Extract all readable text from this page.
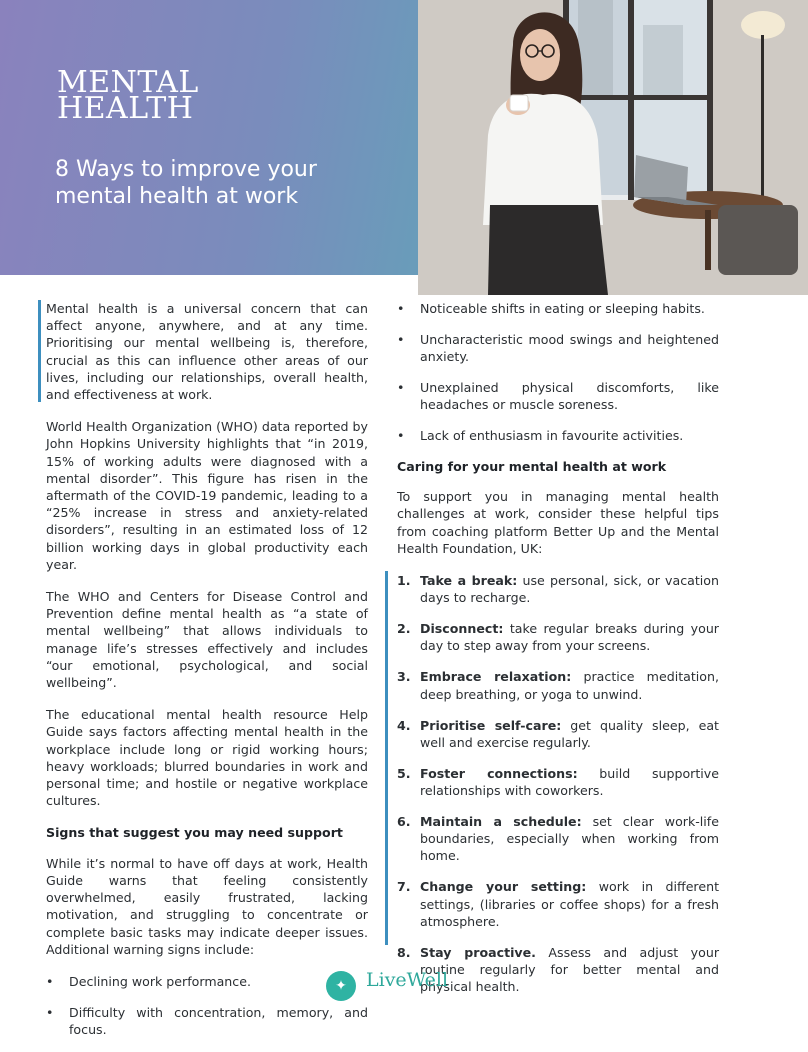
MENTAL
HEALTH
8 Ways to improve your mental health at work

Mental health is a universal concern that can affect anyone, anywhere, and at any time. Prioritising our mental wellbeing is, therefore, crucial as this can influence other areas of our lives, including our relationships, overall health, and effectiveness at work.

World Health Organization (WHO) data reported by John Hopkins University highlights that “in 2019, 15% of working adults were diagnosed with a mental disorder”. This figure has risen in the aftermath of the COVID-19 pandemic, leading to a “25% increase in stress and anxiety-related disorders”, resulting in an estimated loss of 12 billion working days in global productivity each year.

The WHO and Centers for Disease Control and Prevention define mental health as “a state of mental wellbeing” that allows individuals to manage life’s stresses effectively and includes “our emotional, psychological, and social wellbeing”.

The educational mental health resource Help Guide says factors affecting mental health in the workplace include long or rigid working hours; heavy workloads; blurred boundaries in work and personal time; and hostile or negative workplace cultures.

Signs that suggest you may need support

While it’s normal to have off days at work, Health Guide warns that feeling consistently overwhelmed, easily frustrated, lacking motivation, and struggling to concentrate or complete basic tasks may indicate deeper issues. Additional warning signs include:

• Declining work performance.
• Difficulty with concentration, memory, and focus.
• Noticeable shifts in eating or sleeping habits.
• Uncharacteristic mood swings and heightened anxiety.
• Unexplained physical discomforts, like headaches or muscle soreness.
• Lack of enthusiasm in favourite activities.
Caring for your mental health at work

To support you in managing mental health challenges at work, consider these helpful tips from coaching platform Better Up and the Mental Health Foundation, UK:

1. Take a break: use personal, sick, or vacation days to recharge.
2. Disconnect: take regular breaks during your day to step away from your screens.
3. Embrace relaxation: practice meditation, deep breathing, or yoga to unwind.
4. Prioritise self-care: get quality sleep, eat well and exercise regularly.
5. Foster connections: build supportive relationships with coworkers.
6. Maintain a schedule: set clear work-life boundaries, especially when working from home.
7. Change your setting: work in different settings, (libraries or coffee shops) for a fresh atmosphere.
8. Stay proactive. Assess and adjust your routine regularly for better mental and physical health.
✦	LiveWell
